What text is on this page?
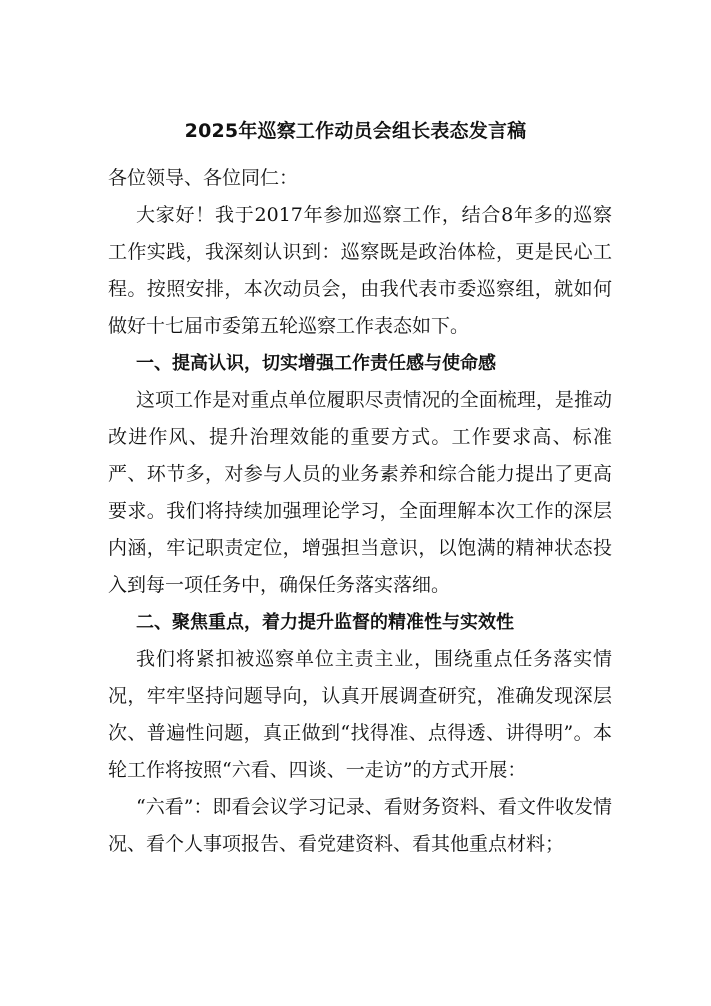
2025年巡察工作动员会组长表态发言稿

各位领导、各位同仁：

大家好！我于2017年参加巡察工作，结合8年多的巡察工作实践，我深刻认识到：巡察既是政治体检，更是民心工程。按照安排，本次动员会，由我代表市委巡察组，就如何做好十七届市委第五轮巡察工作表态如下。

一、提高认识，切实增强工作责任感与使命感

这项工作是对重点单位履职尽责情况的全面梳理，是推动改进作风、提升治理效能的重要方式。工作要求高、标准严、环节多，对参与人员的业务素养和综合能力提出了更高要求。我们将持续加强理论学习，全面理解本次工作的深层内涵，牢记职责定位，增强担当意识，以饱满的精神状态投入到每一项任务中，确保任务落实落细。

二、聚焦重点，着力提升监督的精准性与实效性

我们将紧扣被巡察单位主责主业，围绕重点任务落实情况，牢牢坚持问题导向，认真开展调查研究，准确发现深层次、普遍性问题，真正做到“找得准、点得透、讲得明”。本轮工作将按照“六看、四谈、一走访”的方式开展：

“六看”：即看会议学习记录、看财务资料、看文件收发情况、看个人事项报告、看党建资料、看其他重点材料；
